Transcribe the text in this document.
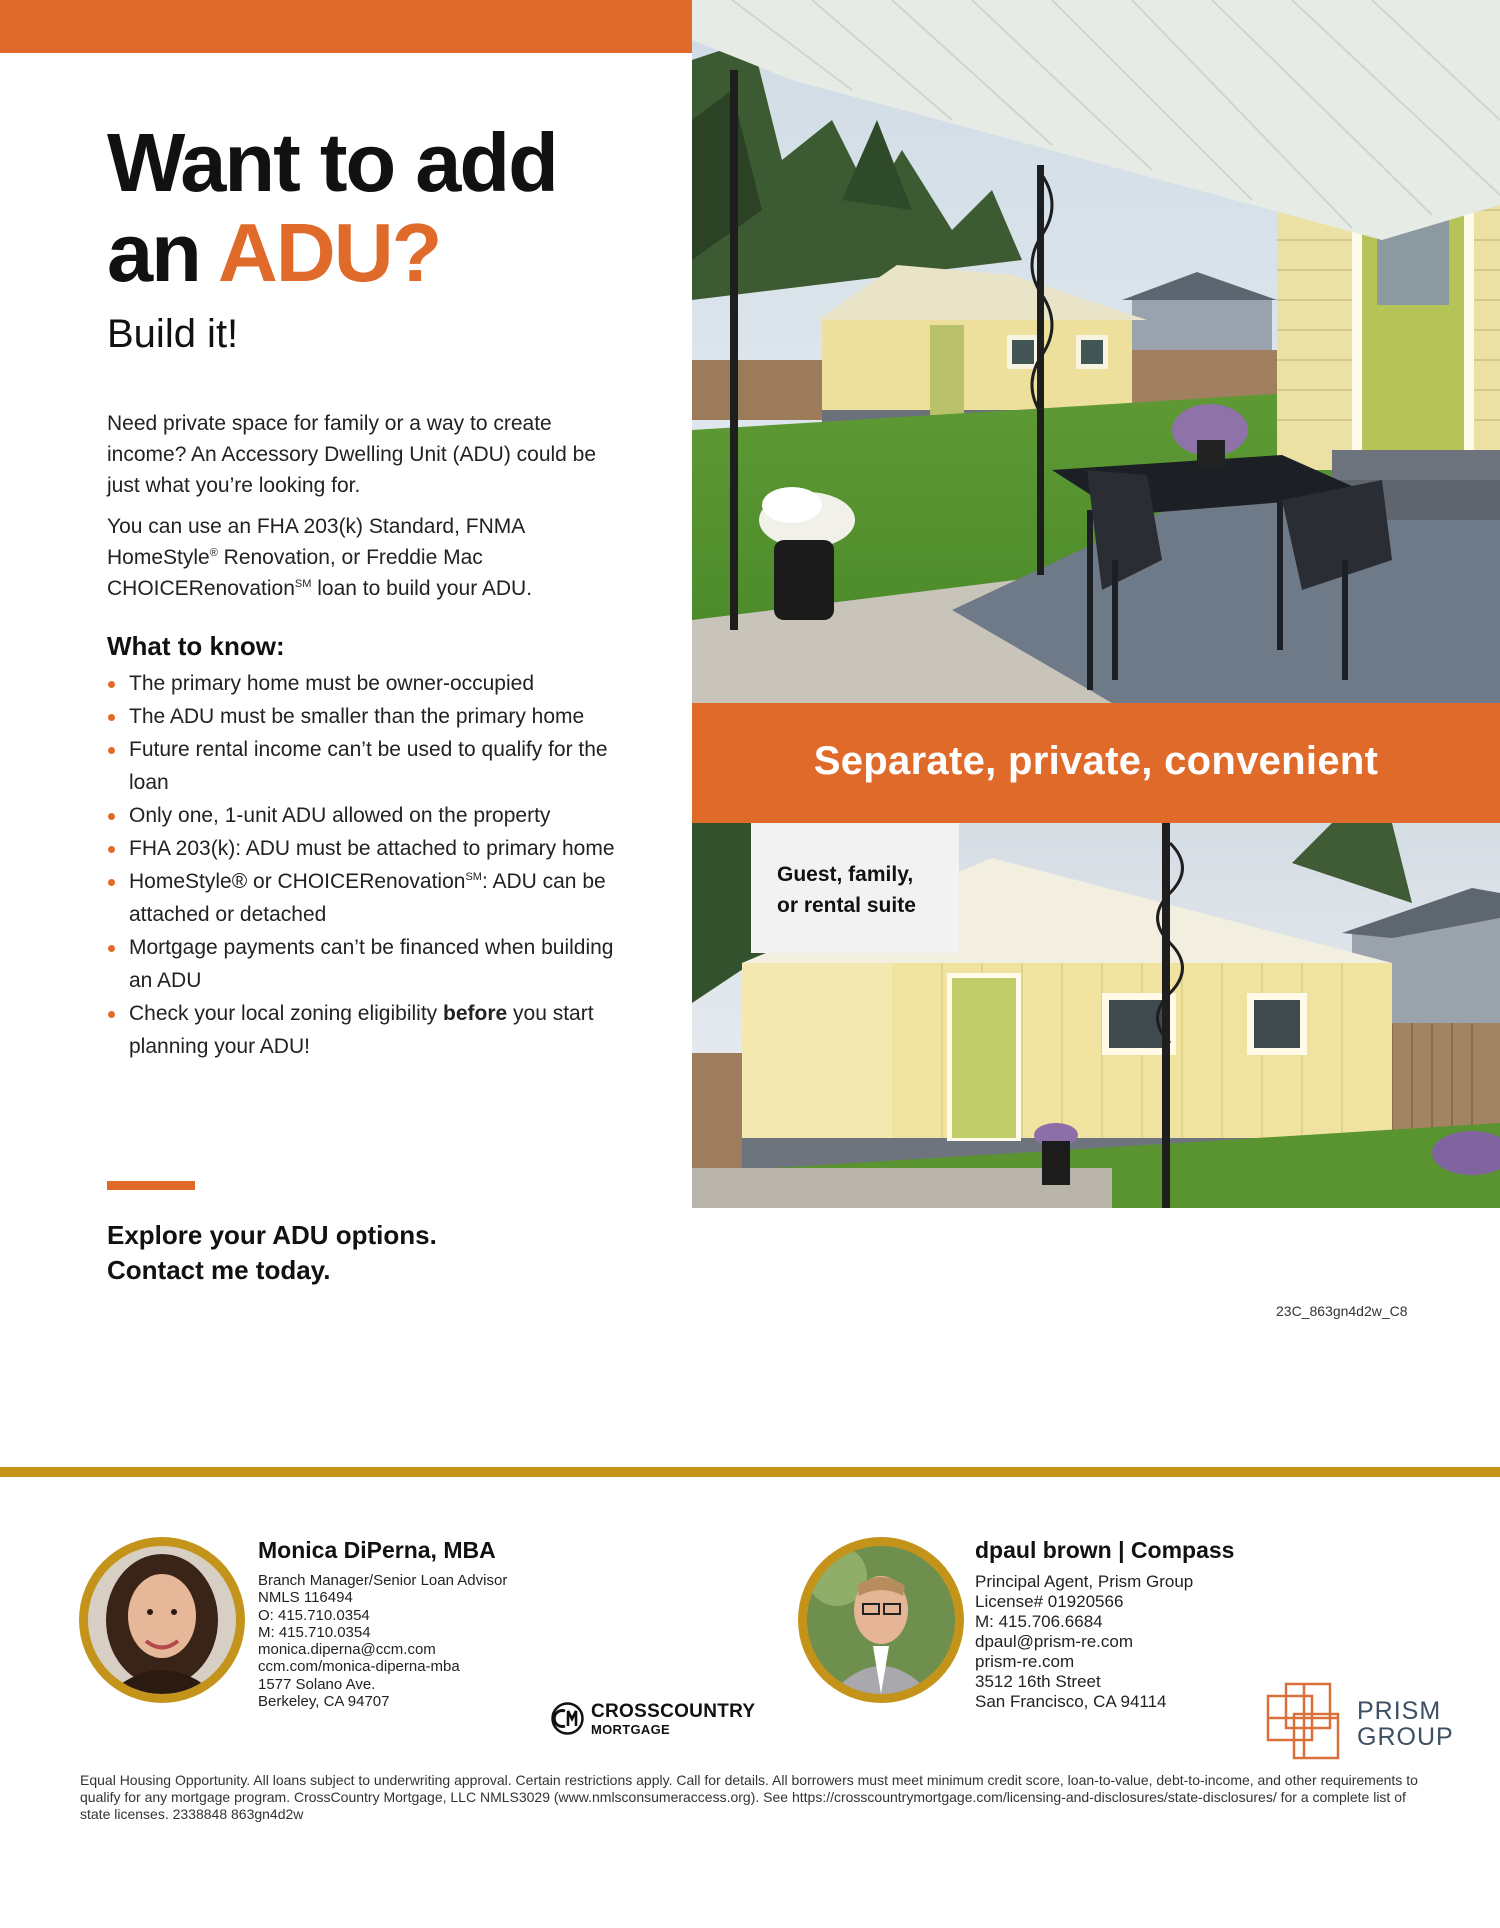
Want to add
an ADU?
Build it!

Need private space for family or a way to create income? An Accessory Dwelling Unit (ADU) could be just what you’re looking for.

You can use an FHA 203(k) Standard, FNMA HomeStyle® Renovation, or Freddie Mac CHOICERenovation℠ loan to build your ADU.

What to know:
The primary home must be owner-occupied
The ADU must be smaller than the primary home
Future rental income can’t be used to qualify for the loan
Only one, 1-unit ADU allowed on the property
FHA 203(k): ADU must be attached to primary home
HomeStyle® or CHOICERenovation℠: ADU can be attached or detached
Mortgage payments can’t be financed when building an ADU
Check your local zoning eligibility before you start planning your ADU!
Explore your ADU options.
Contact me today.
Separate, private, convenient
Guest, family,
or rental suite
23C_863gn4d2w_C8
Monica DiPerna, MBA
Branch Manager/Senior Loan Advisor
NMLS 116494
O: 415.710.0354
M: 415.710.0354
monica.diperna@ccm.com
ccm.com/monica-diperna-mba
1577 Solano Ave.
Berkeley, CA 94707	CROSSCOUNTRY
MORTGAGE
dpaul brown | Compass
Principal Agent, Prism Group
License# 01920566
M: 415.706.6684
dpaul@prism-re.com
prism-re.com
3512 16th Street
San Francisco, CA 94114	PRISM
GROUP
Equal Housing Opportunity. All loans subject to underwriting approval. Certain restrictions apply. Call for details. All borrowers must meet minimum credit score, loan-to-value, debt-to-income, and other requirements to qualify for any mortgage program. CrossCountry Mortgage, LLC NMLS3029 (www.nmlsconsumeraccess.org). See https://crosscountrymortgage.com/licensing-and-disclosures/state-disclosures/ for a complete list of state licenses. 2338848 863gn4d2w
